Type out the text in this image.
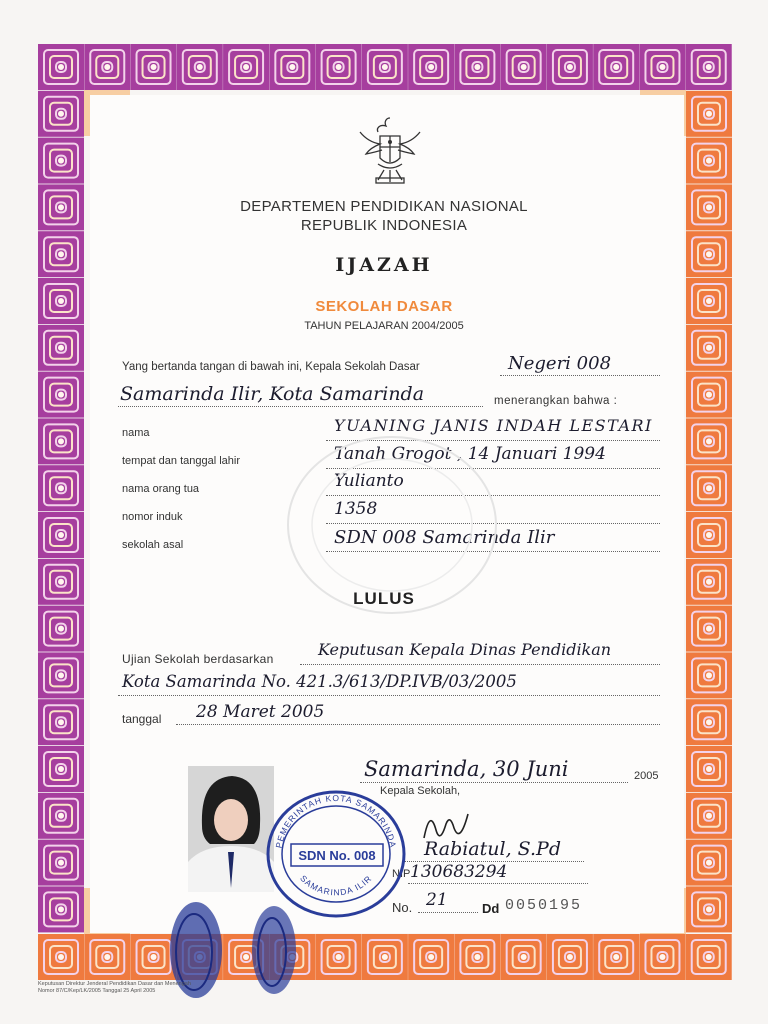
DEPARTEMEN PENDIDIKAN NASIONAL
REPUBLIK INDONESIA
IJAZAH
SEKOLAH DASAR
TAHUN PELAJARAN 2004/2005
Yang bertanda tangan di bawah ini, Kepala Sekolah Dasar	Negeri 008
Samarinda Ilir, Kota Samarinda	menerangkan bahwa :
nama	YUANING JANIS INDAH LESTARI
tempat dan tanggal lahir	Tanah Grogot , 14 Januari 1994
nama orang tua	Yulianto
nomor induk	1358
sekolah asal	SDN 008 Samarinda Ilir
LULUS
Ujian Sekolah berdasarkan	Keputusan Kepala Dinas Pendidikan
Kota Samarinda No. 421.3/613/DP.IVB/03/2005
tanggal 28 Maret 2005
Samarinda, 30 Juni	2005
Kepala Sekolah,
Rabiatul, S.Pd
NIP 130683294
No. 21	Dd 0050195
PEMERINTAH KOTA SAMARINDA
SDN No. 008
SAMARINDA ILIR
Keputusan Direktur Jenderal Pendidikan Dasar dan Menengah
Nomor 87/C/Kep/LK/2005 Tanggal 25 April 2005
